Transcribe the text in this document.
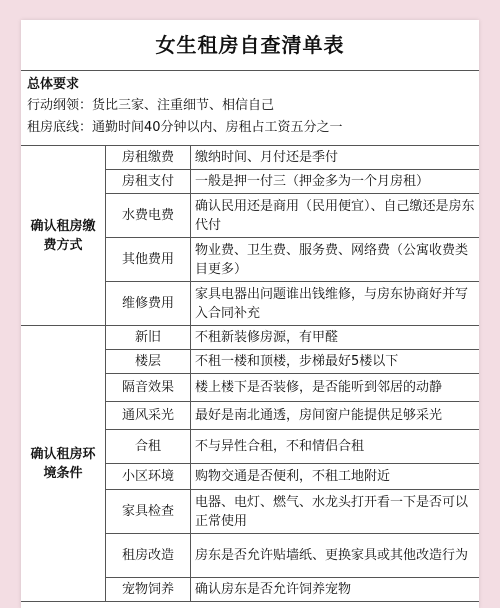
女生租房自查清单表
总体要求
行动纲领：货比三家、注重细节、相信自己
租房底线：通勤时间40分钟以内、房租占工资五分之一
确认租房缴费方式	房租缴费	缴纳时间、月付还是季付
	房租支付	一般是押一付三（押金多为一个月房租）
	水费电费	确认民用还是商用（民用便宜）、自己缴还是房东代付
	其他费用	物业费、卫生费、服务费、网络费（公寓收费类目更多）
	维修费用	家具电器出问题谁出钱维修，与房东协商好并写入合同补充
确认租房环境条件	新旧	不租新装修房源，有甲醛
	楼层	不租一楼和顶楼，步梯最好5楼以下
	隔音效果	楼上楼下是否装修，是否能听到邻居的动静
	通风采光	最好是南北通透，房间窗户能提供足够采光
	合租	不与异性合租，不和情侣合租
	小区环境	购物交通是否便利，不租工地附近
	家具检查	电器、电灯、燃气、水龙头打开看一下是否可以正常使用
	租房改造	房东是否允许贴墙纸、更换家具或其他改造行为
	宠物饲养	确认房东是否允许饲养宠物
